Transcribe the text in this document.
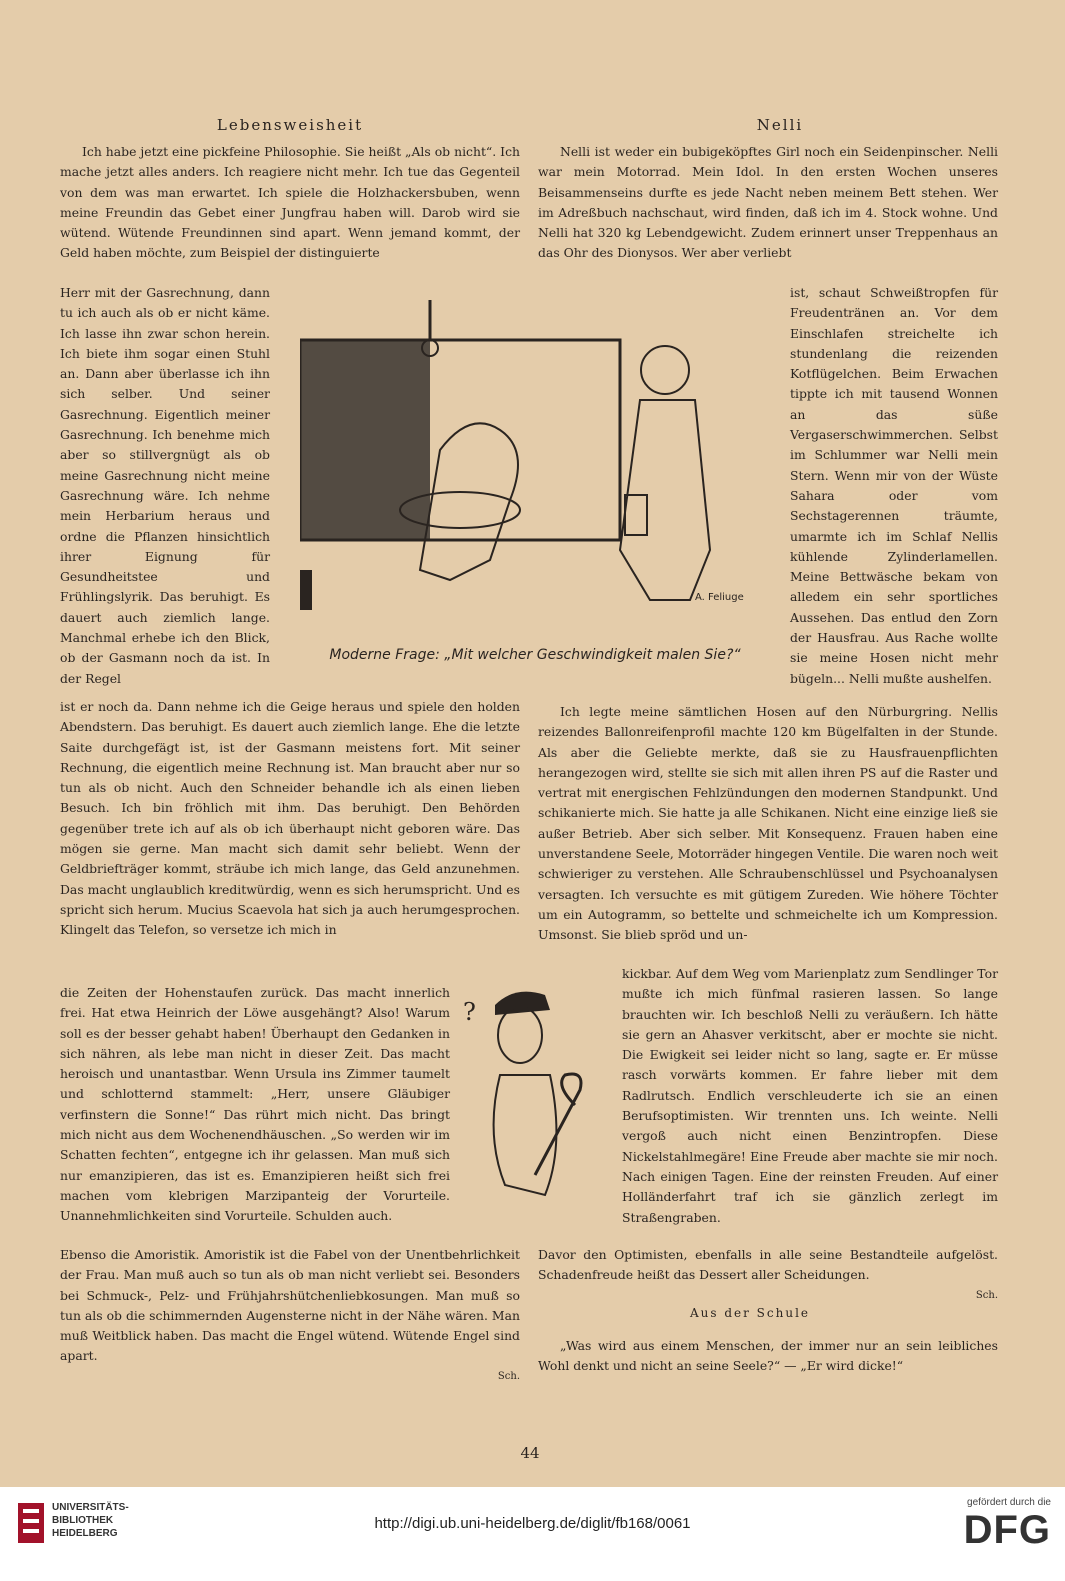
Lebensweisheit	Nelli

Ich habe jetzt eine pickfeine Philosophie. Sie heißt „Als ob nicht“. Ich mache jetzt alles anders. Ich reagiere nicht mehr. Ich tue das Gegenteil von dem was man erwartet. Ich spiele die Holzhackersbuben, wenn meine Freundin das Gebet einer Jungfrau haben will. Darob wird sie wütend. Wütende Freundinnen sind apart. Wenn jemand kommt, der Geld haben möchte, zum Beispiel der distinguierte

Herr mit der Gasrechnung, dann tu ich auch als ob er nicht käme. Ich lasse ihn zwar schon herein. Ich biete ihm sogar einen Stuhl an. Dann aber überlasse ich ihn sich selber. Und seiner Gasrechnung. Eigentlich meiner Gasrechnung. Ich benehme mich aber so stillvergnügt als ob meine Gasrechnung nicht meine Gasrechnung wäre. Ich nehme mein Herbarium heraus und ordne die Pflanzen hinsichtlich ihrer Eignung für Gesundheitstee und Frühlingslyrik. Das beruhigt. Es dauert auch ziemlich lange. Manchmal erhebe ich den Blick, ob der Gasmann noch da ist. In der Regel

ist er noch da. Dann nehme ich die Geige heraus und spiele den holden Abendstern. Das beruhigt. Es dauert auch ziemlich lange. Ehe die letzte Saite durchgefägt ist, ist der Gasmann meistens fort. Mit seiner Rechnung, die eigentlich meine Rechnung ist. Man braucht aber nur so tun als ob nicht. Auch den Schneider behandle ich als einen lieben Besuch. Ich bin fröhlich mit ihm. Das beruhigt. Den Behörden gegenüber trete ich auf als ob ich überhaupt nicht geboren wäre. Das mögen sie gerne. Man macht sich damit sehr beliebt. Wenn der Geldbriefträger kommt, sträube ich mich lange, das Geld anzunehmen. Das macht unglaublich kreditwürdig, wenn es sich herumspricht. Und es spricht sich herum. Mucius Scaevola hat sich ja auch herumgesprochen. Klingelt das Telefon, so versetze ich mich in

die Zeiten der Hohenstaufen zurück. Das macht innerlich frei. Hat etwa Heinrich der Löwe ausgehängt? Also! Warum soll es der besser gehabt haben! Überhaupt den Gedanken in sich nähren, als lebe man nicht in dieser Zeit. Das macht heroisch und unantastbar. Wenn Ursula ins Zimmer taumelt und schlotternd stammelt: „Herr, unsere Gläubiger verfinstern die Sonne!“ Das rührt mich nicht. Das bringt mich nicht aus dem Wochenendhäuschen. „So werden wir im Schatten fechten“, entgegne ich ihr gelassen. Man muß sich nur emanzipieren, das ist es. Emanzipieren heißt sich frei machen vom klebrigen Marzipanteig der Vorurteile. Unannehmlichkeiten sind Vorurteile. Schulden auch.

Ebenso die Amoristik. Amoristik ist die Fabel von der Unentbehrlichkeit der Frau. Man muß auch so tun als ob man nicht verliebt sei. Besonders bei Schmuck-, Pelz- und Frühjahrshütchenliebkosungen. Man muß so tun als ob die schimmernden Augensterne nicht in der Nähe wären. Man muß Weitblick haben. Das macht die Engel wütend. Wütende Engel sind apart.

Sch.

Nelli ist weder ein bubigeköpftes Girl noch ein Seidenpinscher. Nelli war mein Motorrad. Mein Idol. In den ersten Wochen unseres Beisammenseins durfte es jede Nacht neben meinem Bett stehen. Wer im Adreßbuch nachschaut, wird finden, daß ich im 4. Stock wohne. Und Nelli hat 320 kg Lebendgewicht. Zudem erinnert unser Treppenhaus an das Ohr des Dionysos. Wer aber verliebt

ist, schaut Schweißtropfen für Freudentränen an. Vor dem Einschlafen streichelte ich stundenlang die reizenden Kotflügelchen. Beim Erwachen tippte ich mit tausend Wonnen an das süße Vergaserschwimmerchen. Selbst im Schlummer war Nelli mein Stern. Wenn mir von der Wüste Sahara oder vom Sechstagerennen träumte, umarmte ich im Schlaf Nellis kühlende Zylinderlamellen. Meine Bettwäsche bekam von alledem ein sehr sportliches Aussehen. Das entlud den Zorn der Hausfrau. Aus Rache wollte sie meine Hosen nicht mehr bügeln... Nelli mußte aushelfen.

Ich legte meine sämtlichen Hosen auf den Nürburgring. Nellis reizendes Ballonreifenprofil machte 120 km Bügelfalten in der Stunde. Als aber die Geliebte merkte, daß sie zu Hausfrauenpflichten herangezogen wird, stellte sie sich mit allen ihren PS auf die Raster und vertrat mit energischen Fehlzündungen den modernen Standpunkt. Und schikanierte mich. Sie hatte ja alle Schikanen. Nicht eine einzige ließ sie außer Betrieb. Aber sich selber. Mit Konsequenz. Frauen haben eine unverstandene Seele, Motorräder hingegen Ventile. Die waren noch weit schwieriger zu verstehen. Alle Schraubenschlüssel und Psychoanalysen versagten. Ich versuchte es mit gütigem Zureden. Wie höhere Töchter um ein Autogramm, so bettelte und schmeichelte ich um Kompression. Umsonst. Sie blieb spröd und un-

kickbar. Auf dem Weg vom Marienplatz zum Sendlinger Tor mußte ich mich fünfmal rasieren lassen. So lange brauchten wir. Ich beschloß Nelli zu veräußern. Ich hätte sie gern an Ahasver verkitscht, aber er mochte sie nicht. Die Ewigkeit sei leider nicht so lang, sagte er. Er müsse rasch vorwärts kommen. Er fahre lieber mit dem Radlrutsch. Endlich verschleuderte ich sie an einen Berufsoptimisten. Wir trennten uns. Ich weinte. Nelli vergoß auch nicht einen Benzintropfen. Diese Nickelstahlmegäre! Eine Freude aber machte sie mir noch. Nach einigen Tagen. Eine der reinsten Freuden. Auf einer Holländerfahrt traf ich sie gänzlich zerlegt im Straßengraben.

Davor den Optimisten, ebenfalls in alle seine Bestandteile aufgelöst. Schadenfreude heißt das Dessert aller Scheidungen.

Sch.
Aus der Schule

„Was wird aus einem Menschen, der immer nur an sein leibliches Wohl denkt und nicht an seine Seele?“ — „Er wird dicke!“

A. Feliuge
Moderne Frage: „Mit welcher Geschwindigkeit malen Sie?“
?
44
UNIVERSITÄTS-
BIBLIOTHEK
HEIDELBERG
http://digi.ub.uni-heidelberg.de/diglit/fb168/0061
gefördert durch die
DFG
